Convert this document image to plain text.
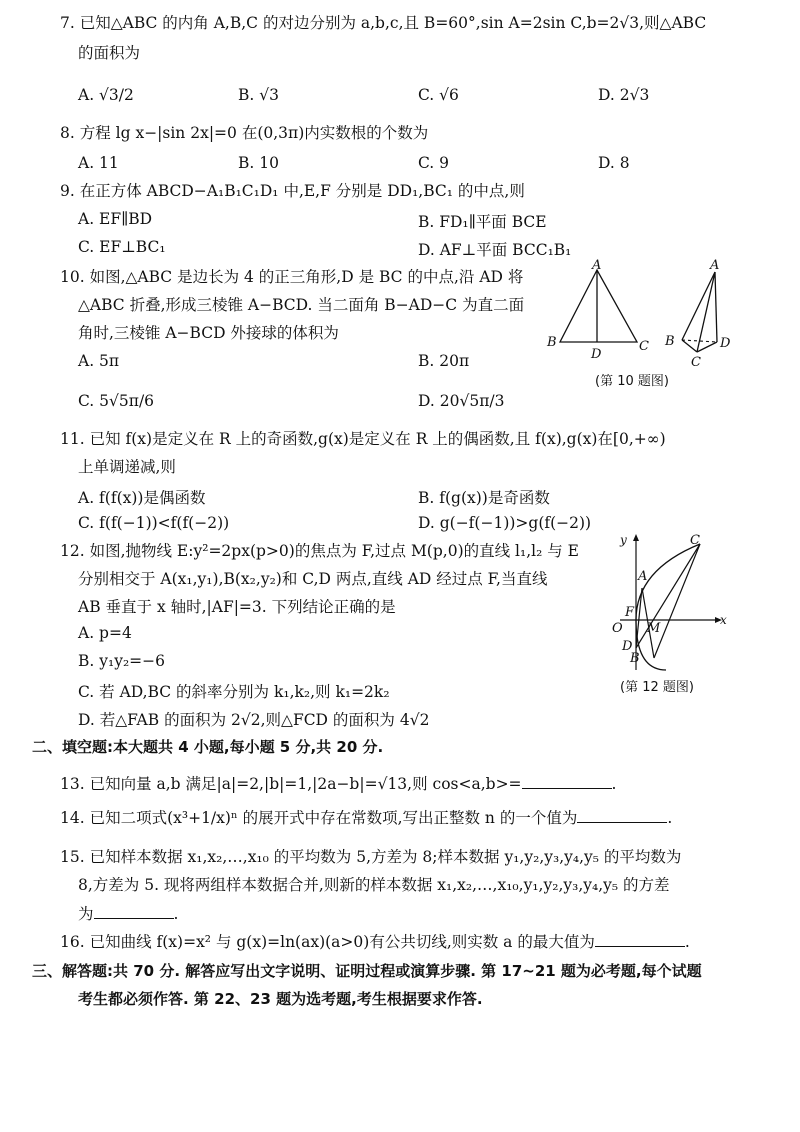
7. 已知△ABC 的内角 A,B,C 的对边分别为 a,b,c,且 B=60°,sin A=2sin C,b=2√3,则△ABC
的面积为
A. √3/2	B. √3	C. √6	D. 2√3
8. 方程 lg x−|sin 2x|=0 在(0,3π)内实数根的个数为
A. 11	B. 10	C. 9	D. 8
9. 在正方体 ABCD−A₁B₁C₁D₁ 中,E,F 分别是 DD₁,BC₁ 的中点,则
A. EF∥BD	B. FD₁∥平面 BCE
C. EF⊥BC₁	D. AF⊥平面 BCC₁B₁
10. 如图,△ABC 是边长为 4 的正三角形,D 是 BC 的中点,沿 AD 将
△ABC 折叠,形成三棱锥 A−BCD. 当二面角 B−AD−C 为直二面
角时,三棱锥 A−BCD 外接球的体积为
A. 5π	B. 20π
C. 5√5π/6	D. 20√5π/3
A
B
D
C
A
B
C
D
(第 10 题图)
11. 已知 f(x)是定义在 R 上的奇函数,g(x)是定义在 R 上的偶函数,且 f(x),g(x)在[0,+∞)
上单调递减,则
A. f(f(x))是偶函数	B. f(g(x))是奇函数
C. f(f(−1))<f(f(−2))	D. g(−f(−1))>g(f(−2))
12. 如图,抛物线 E:y²=2px(p>0)的焦点为 F,过点 M(p,0)的直线 l₁,l₂ 与 E
分别相交于 A(x₁,y₁),B(x₂,y₂)和 C,D 两点,直线 AD 经过点 F,当直线
AB 垂直于 x 轴时,|AF|=3. 下列结论正确的是
A. p=4
B. y₁y₂=−6
C. 若 AD,BC 的斜率分别为 k₁,k₂,则 k₁=2k₂
D. 若△FAB 的面积为 2√2,则△FCD 的面积为 4√2
y	C
A
F
O M
x
D
B
(第 12 题图)
二、填空题:本大题共 4 小题,每小题 5 分,共 20 分.
13. 已知向量 a,b 满足|a|=2,|b|=1,|2a−b|=√13,则 cos<a,b>=	.
14. 已知二项式(x³+1/x)ⁿ 的展开式中存在常数项,写出正整数 n 的一个值为	.
15. 已知样本数据 x₁,x₂,…,x₁₀ 的平均数为 5,方差为 8;样本数据 y₁,y₂,y₃,y₄,y₅ 的平均数为
8,方差为 5. 现将两组样本数据合并,则新的样本数据 x₁,x₂,…,x₁₀,y₁,y₂,y₃,y₄,y₅ 的方差
为	.
16. 已知曲线 f(x)=x² 与 g(x)=ln(ax)(a>0)有公共切线,则实数 a 的最大值为	.
三、解答题:共 70 分. 解答应写出文字说明、证明过程或演算步骤. 第 17~21 题为必考题,每个试题
考生都必须作答. 第 22、23 题为选考题,考生根据要求作答.
